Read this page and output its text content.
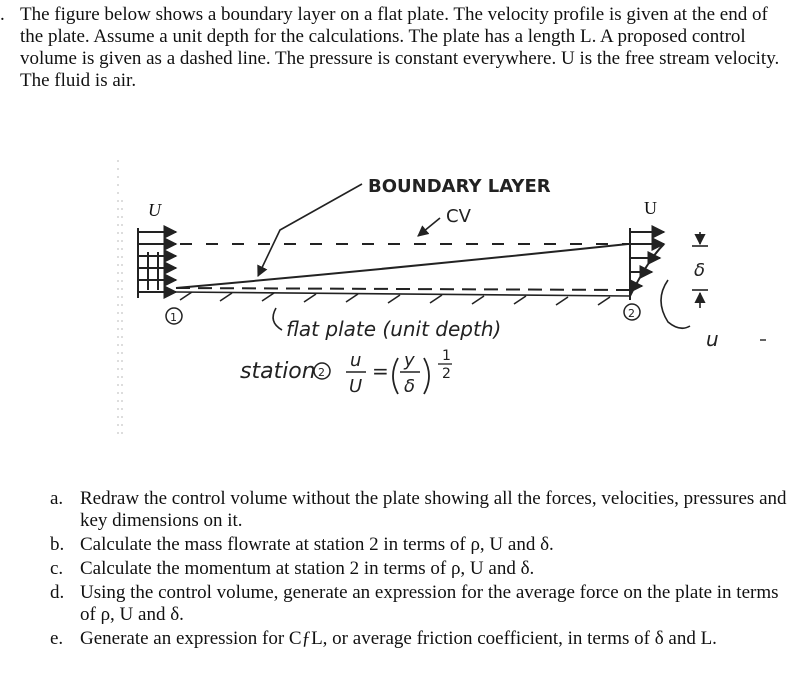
. The figure below shows a boundary layer on a flat plate. The velocity profile is given at the end of the plate. Assume a unit depth for the calculations. The plate has a length L. A proposed control volume is given as a dashed line. The pressure is constant everywhere. U is the free stream velocity. The fluid is air.
U
BOUNDARY LAYER
CV
1
U
2
δ
u
flat plate (unit depth)
station 2
u
U
= y
δ
1
2
a. Redraw the control volume without the plate showing all the forces, velocities, pressures and key dimensions on it.
b. Calculate the mass flowrate at station 2 in terms of ρ, U and δ.
c. Calculate the momentum at station 2 in terms of ρ, U and δ.
d. Using the control volume, generate an expression for the average force on the plate in terms of ρ, U and δ.
e. Generate an expression for CƒL, or average friction coefficient, in terms of δ and L.
